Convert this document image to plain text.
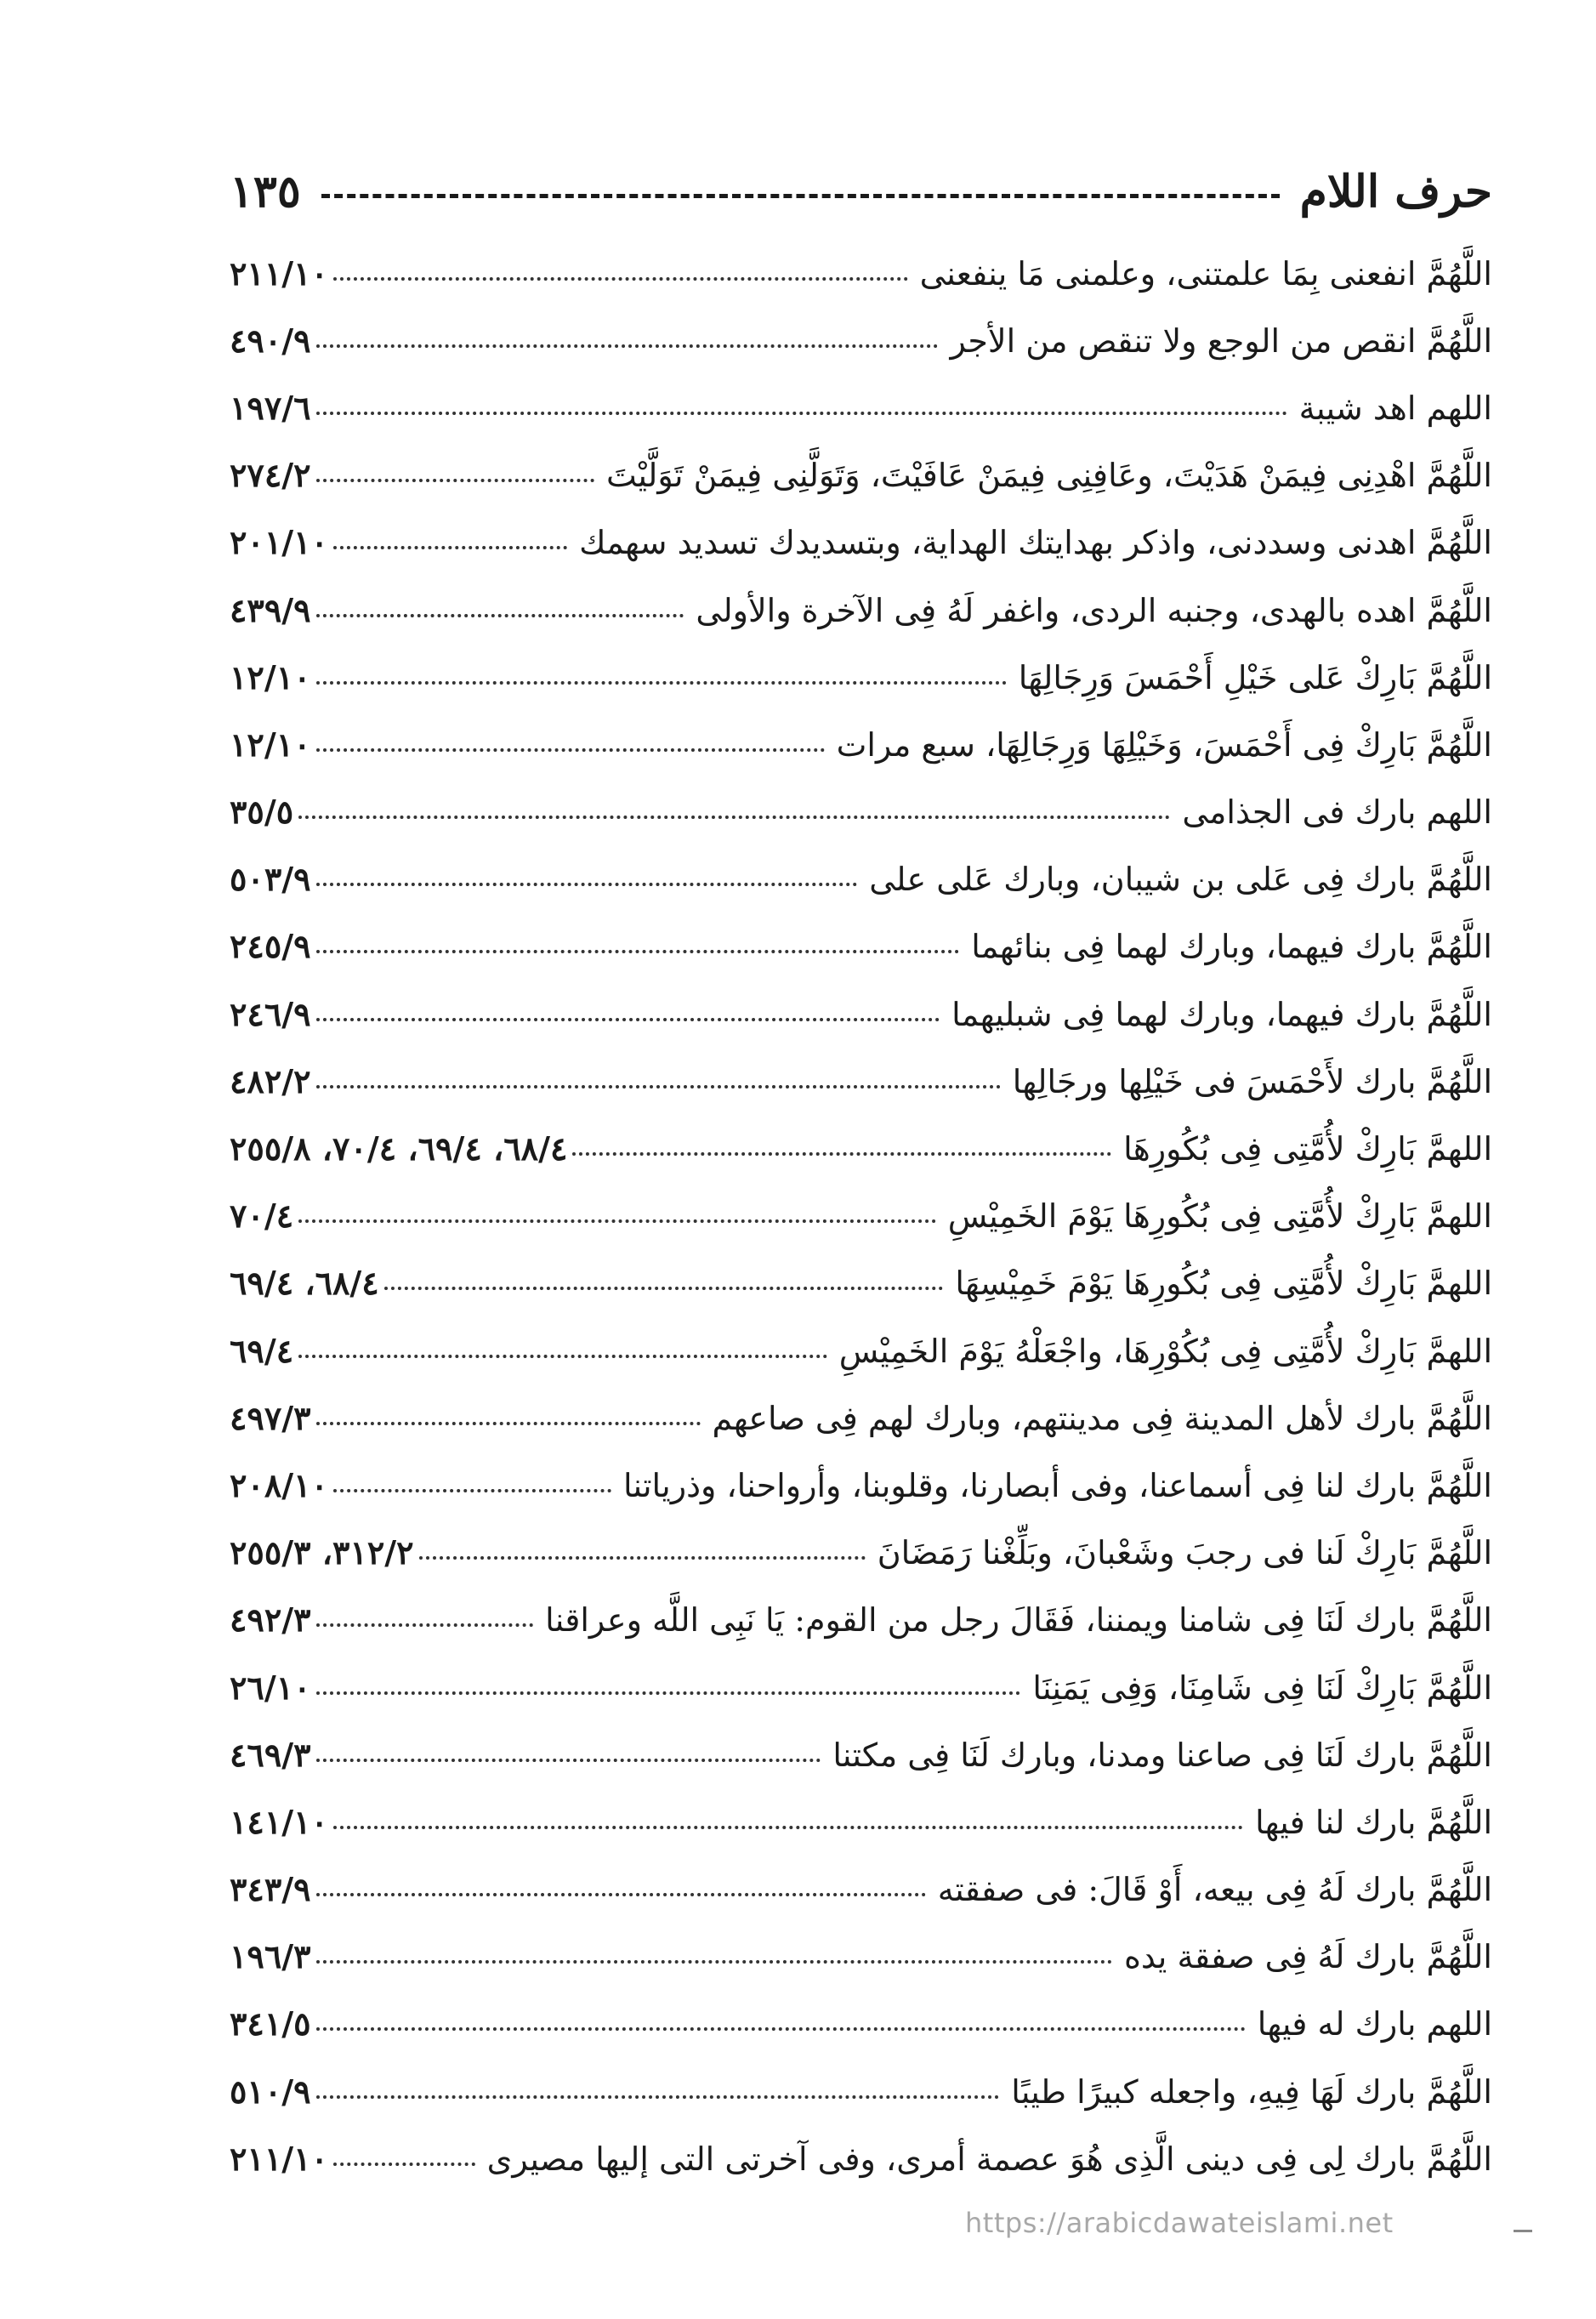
حرف اللام
١٣٥
اللَّهُمَّ انفعنى بِمَا علمتنى، وعلمنى مَا ينفعنى
٢١١/١٠
اللَّهُمَّ انقص من الوجع ولا تنقص من الأجر
٤٩٠/٩
اللهم اهد شيبة
١٩٧/٦
اللَّهُمَّ اهْدِنِى فِيمَنْ هَدَيْتَ، وعَافِنِى فِيمَنْ عَافَيْتَ، وَتَوَلَّنِى فِيمَنْ تَوَلَّيْتَ
٢٧٤/٢
اللَّهُمَّ اهدنى وسددنى، واذكر بهدايتك الهداية، وبتسديدك تسديد سهمك
٢٠١/١٠
اللَّهُمَّ اهده بالهدى، وجنبه الردى، واغفر لَهُ فِى الآخرة والأولى
٤٣٩/٩
اللَّهُمَّ بَارِكْ عَلى خَيْلِ أَحْمَسَ وَرِجَالِهَا
١٢/١٠
اللَّهُمَّ بَارِكْ فِى أَحْمَسَ، وَخَيْلِهَا وَرِجَالِهَا، سبع مرات
١٢/١٠
اللهم بارك فى الجذامى
٣٥/٥
اللَّهُمَّ بارك فِى عَلى بن شيبان، وبارك عَلى على
٥٠٣/٩
اللَّهُمَّ بارك فيهما، وبارك لهما فِى بنائهما
٢٤٥/٩
اللَّهُمَّ بارك فيهما، وبارك لهما فِى شبليهما
٢٤٦/٩
اللَّهُمَّ بارك لأَحْمَسَ فى خَيْلِها ورجَالِها
٤٨٢/٢
اللهمَّ بَارِكْ لأُمَّتِى فِى بُكُورِهَا
٦٨/٤، ٦٩/٤، ٧٠/٤، ٢٥٥/٨
اللهمَّ بَارِكْ لأُمَّتِى فِى بُكُورِهَا يَوْمَ الخَمِيْسِ
٧٠/٤
اللهمَّ بَارِكْ لأُمَّتِى فِى بُكُورِهَا يَوْمَ خَمِيْسِهَا
٦٨/٤، ٦٩/٤
اللهمَّ بَارِكْ لأُمَّتِى فِى بُكُوْرِهَا، واجْعَلْهُ يَوْمَ الخَمِيْسِ
٦٩/٤
اللَّهُمَّ بارك لأهل المدينة فِى مدينتهم، وبارك لهم فِى صاعهم
٤٩٧/٣
اللَّهُمَّ بارك لنا فِى أسماعنا، وفى أبصارنا، وقلوبنا، وأرواحنا، وذرياتنا
٢٠٨/١٠
اللَّهُمَّ بَارِكْ لَنا فى رجبَ وشَعْبانَ، وبَلِّغْنا رَمَضَانَ
٣١٢/٢، ٢٥٥/٣
اللَّهُمَّ بارك لَنَا فِى شامنا ويمننا، فَقَالَ رجل من القوم: يَا نَبِى اللَّه وعراقنا
٤٩٢/٣
اللَّهُمَّ بَارِكْ لَنَا فِى شَامِنَا، وَفِى يَمَنِنَا
٢٦/١٠
اللَّهُمَّ بارك لَنَا فِى صاعنا ومدنا، وبارك لَنَا فِى مكتنا
٤٦٩/٣
اللَّهُمَّ بارك لنا فيها
١٤١/١٠
اللَّهُمَّ بارك لَهُ فِى بيعه، أَوْ قَالَ: فى صفقته
٣٤٣/٩
اللَّهُمَّ بارك لَهُ فِى صفقة يده
١٩٦/٣
اللهم بارك له فيها
٣٤١/٥
اللَّهُمَّ بارك لَهَا فِيهِ، واجعله كبيرًا طيبًا
٥١٠/٩
اللَّهُمَّ بارك لِى فِى دينى الَّذِى هُوَ عصمة أمرى، وفى آخرتى التى إليها مصيرى
٢١١/١٠
https://arabicdawateislami.net
